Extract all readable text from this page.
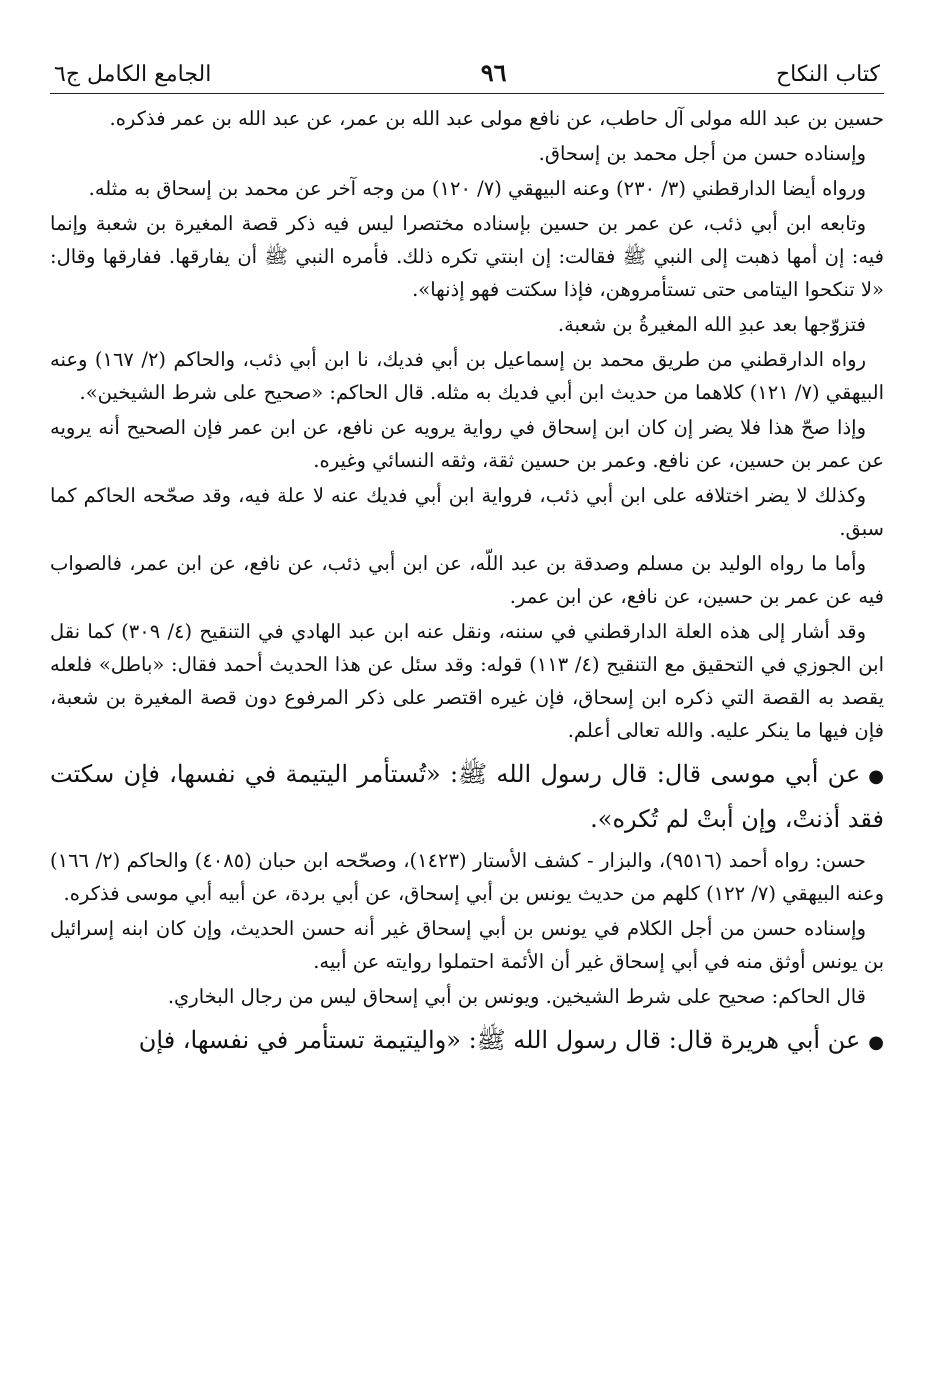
كتاب النكاح
٩٦
الجامع الكامل ج٦

حسين بن عبد الله مولى آل حاطب، عن نافع مولى عبد الله بن عمر، عن عبد الله بن عمر فذكره.

وإسناده حسن من أجل محمد بن إسحاق.

ورواه أيضا الدارقطني (٣/ ٢٣٠) وعنه البيهقي (٧/ ١٢٠) من وجه آخر عن محمد بن إسحاق به مثله.

وتابعه ابن أبي ذئب، عن عمر بن حسين بإسناده مختصرا ليس فيه ذكر قصة المغيرة بن شعبة وإنما فيه: إن أمها ذهبت إلى النبي ﷺ فقالت: إن ابنتي تكره ذلك. فأمره النبي ﷺ أن يفارقها. ففارقها وقال: «لا تنكحوا اليتامى حتى تستأمروهن، فإذا سكتت فهو إذنها».

فتزوّجها بعد عبدِ الله المغيرةُ بن شعبة.

رواه الدارقطني من طريق محمد بن إسماعيل بن أبي فديك، نا ابن أبي ذئب، والحاكم (٢/ ١٦٧) وعنه البيهقي (٧/ ١٢١) كلاهما من حديث ابن أبي فديك به مثله. قال الحاكم: «صحيح على شرط الشيخين».

وإذا صحّ هذا فلا يضر إن كان ابن إسحاق في رواية يرويه عن نافع، عن ابن عمر فإن الصحيح أنه يرويه عن عمر بن حسين، عن نافع. وعمر بن حسين ثقة، وثقه النسائي وغيره.

وكذلك لا يضر اختلافه على ابن أبي ذئب، فرواية ابن أبي فديك عنه لا علة فيه، وقد صحّحه الحاكم كما سبق.

وأما ما رواه الوليد بن مسلم وصدقة بن عبد اللّه، عن ابن أبي ذئب، عن نافع، عن ابن عمر، فالصواب فيه عن عمر بن حسين، عن نافع، عن ابن عمر.

وقد أشار إلى هذه العلة الدارقطني في سننه، ونقل عنه ابن عبد الهادي في التنقيح (٤/ ٣٠٩) كما نقل ابن الجوزي في التحقيق مع التنقيح (٤/ ١١٣) قوله: وقد سئل عن هذا الحديث أحمد فقال: «باطل» فلعله يقصد به القصة التي ذكره ابن إسحاق، فإن غيره اقتصر على ذكر المرفوع دون قصة المغيرة بن شعبة، فإن فيها ما ينكر عليه. والله تعالى أعلم.

●عن أبي موسى قال: قال رسول الله ﷺ: «تُستأمر اليتيمة في نفسها، فإن سكتت فقد أذنتْ، وإن أبتْ لم تُكره».

حسن: رواه أحمد (٩٥١٦)، والبزار - كشف الأستار (١٤٢٣)، وصحّحه ابن حبان (٤٠٨٥) والحاكم (٢/ ١٦٦) وعنه البيهقي (٧/ ١٢٢) كلهم من حديث يونس بن أبي إسحاق، عن أبي بردة، عن أبيه أبي موسى فذكره.

وإسناده حسن من أجل الكلام في يونس بن أبي إسحاق غير أنه حسن الحديث، وإن كان ابنه إسرائيل بن يونس أوثق منه في أبي إسحاق غير أن الأئمة احتملوا روايته عن أبيه.

قال الحاكم: صحيح على شرط الشيخين. ويونس بن أبي إسحاق ليس من رجال البخاري.

●عن أبي هريرة قال: قال رسول الله ﷺ: «واليتيمة تستأمر في نفسها، فإن
